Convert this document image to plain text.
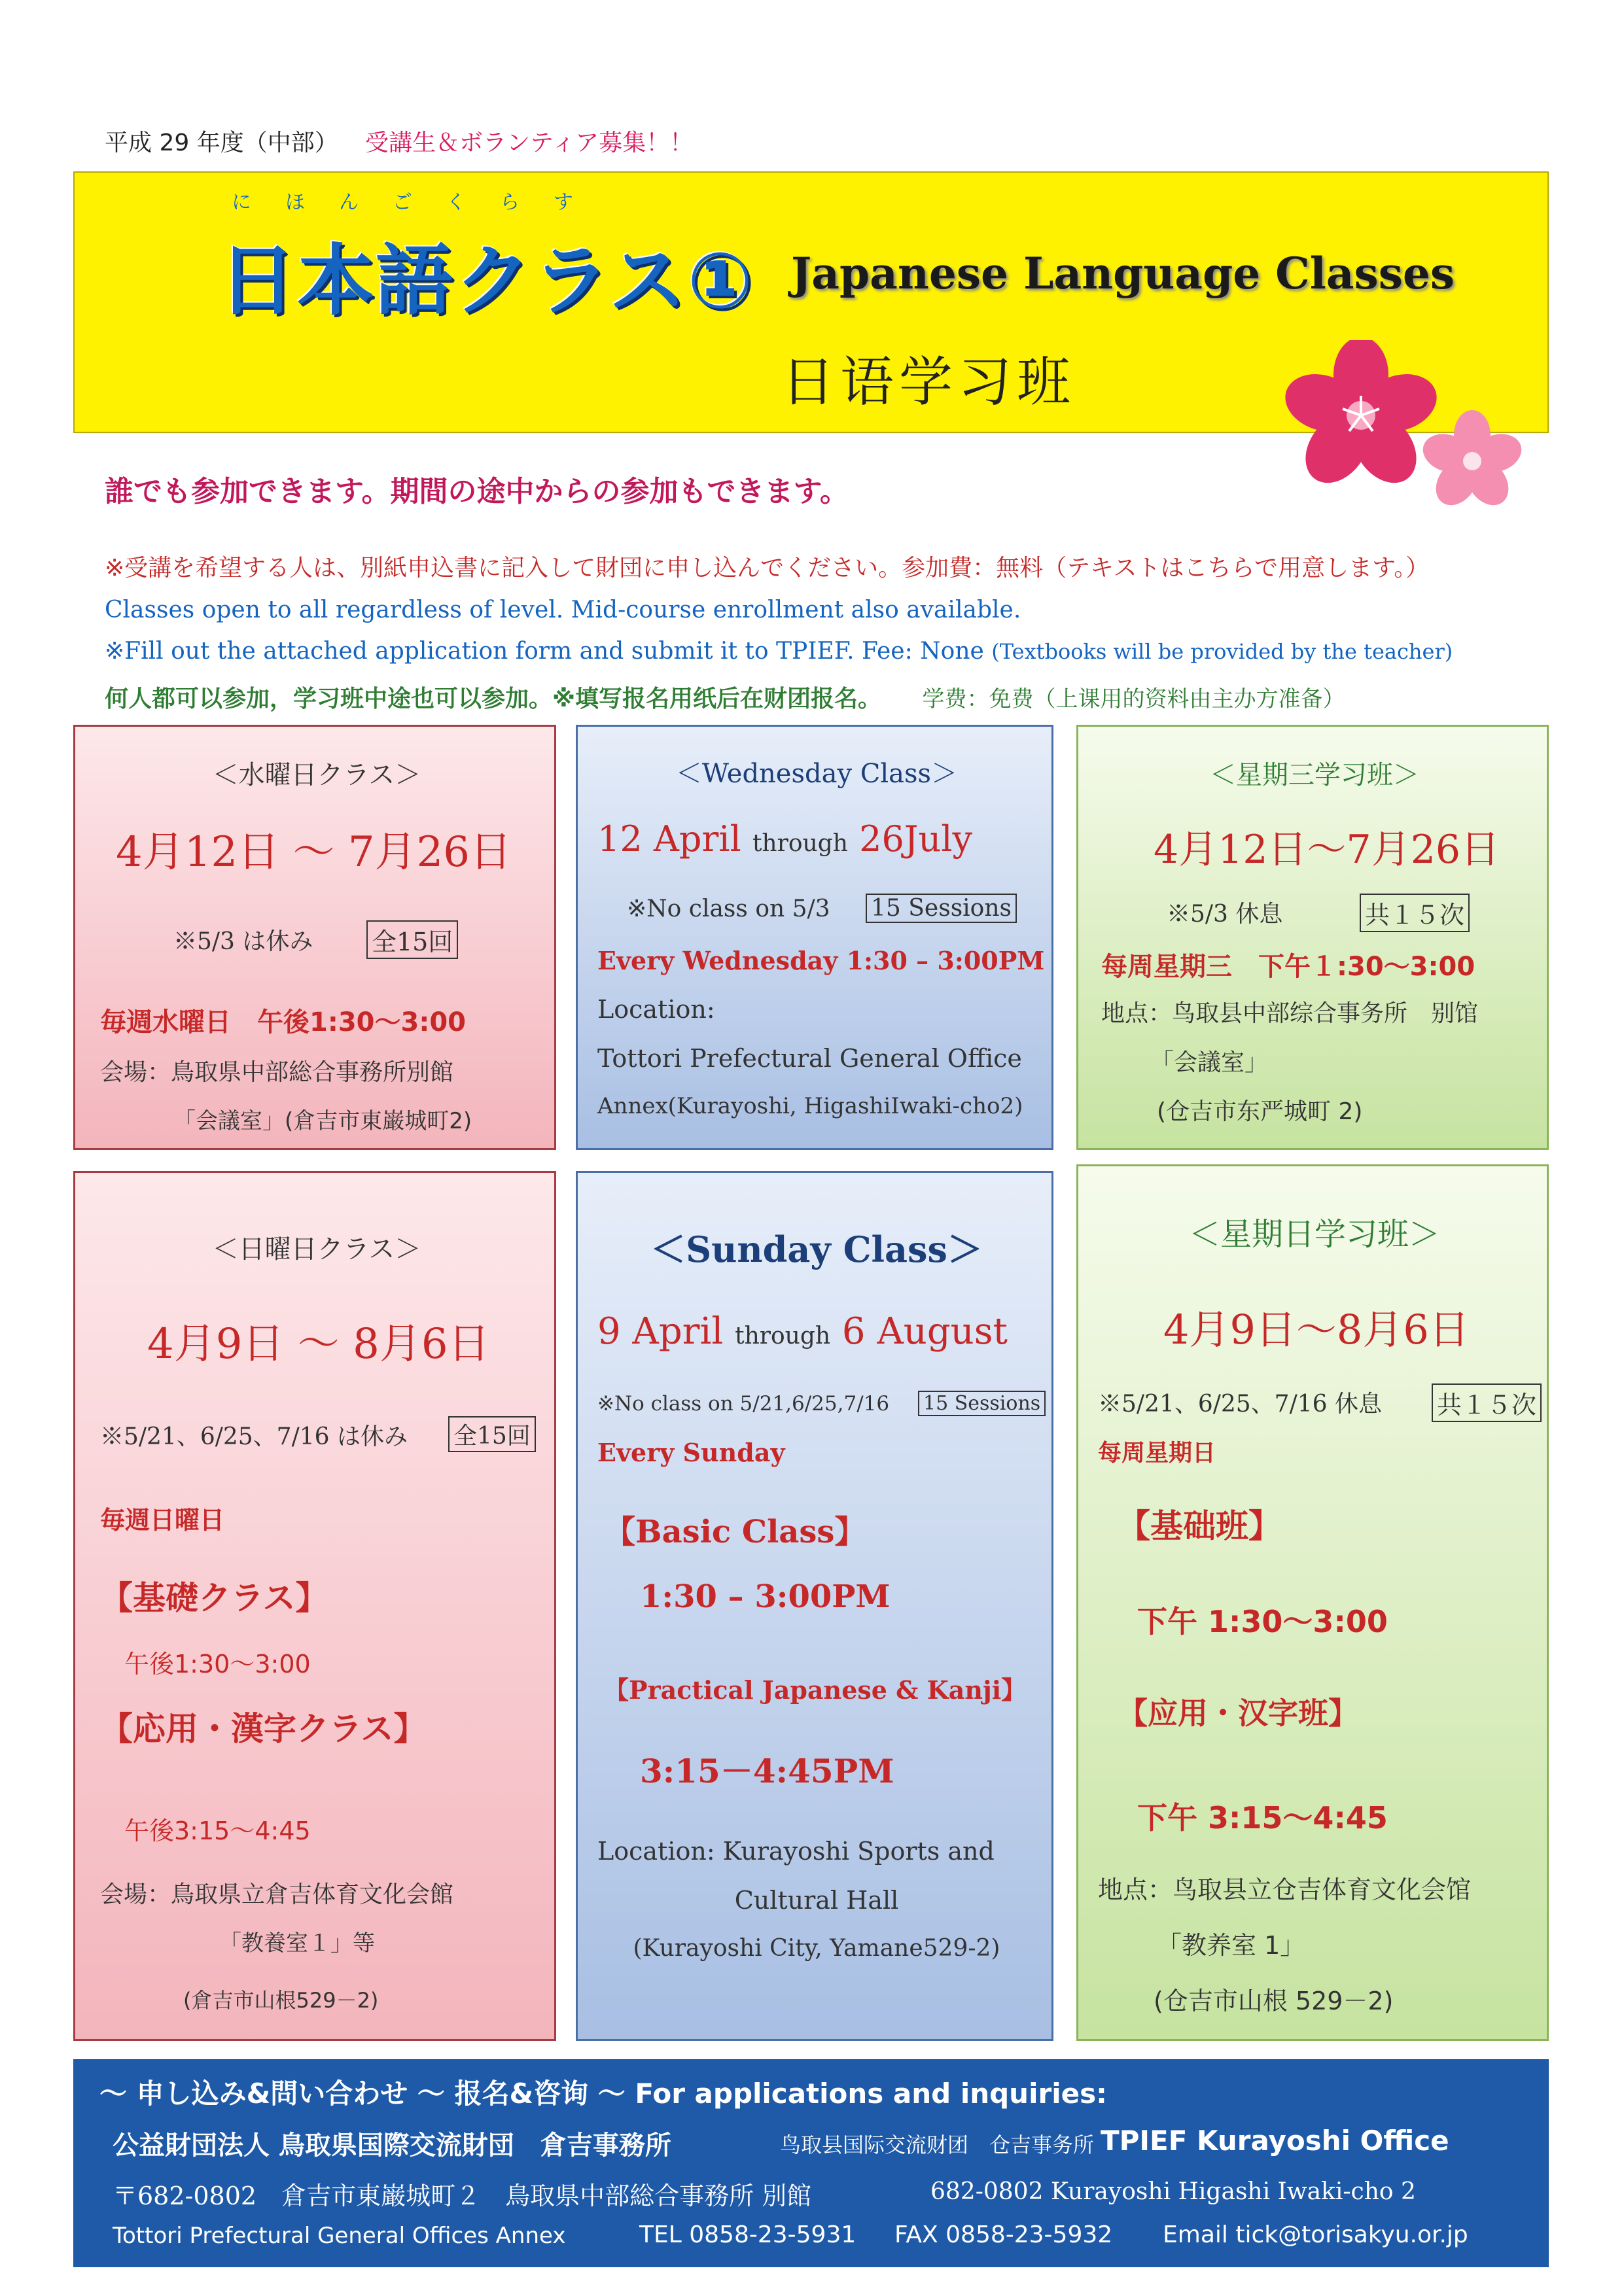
平成 29 年度（中部） 受講生＆ボランティア募集！！
にほんごくらす
日本語クラス① Japanese Language Classes
日语学习班
誰でも参加できます。期間の途中からの参加もできます。
※受講を希望する人は、別紙申込書に記入して財団に申し込んでください。参加費：無料（テキストはこちらで用意します。）
Classes open to all regardless of level. Mid-course enrollment also available.
※Fill out the attached application form and submit it to TPIEF. Fee: None (Textbooks will be provided by the teacher)
何人都可以参加，学习班中途也可以参加。※填写报名用纸后在财团报名。 学费：免费（上课用的资料由主办方准备）
＜水曜日クラス＞
4月12日 ～ 7月26日
※5/3 は休み 全15回
毎週水曜日　午後1:30～3:00
会場：鳥取県中部総合事務所別館
「会議室」(倉吉市東巌城町2)
＜Wednesday Class＞
12 April through 26July
※No class on 5/3 15 Sessions
Every Wednesday 1:30 – 3:00PM
Location:
Tottori Prefectural General Office
Annex(Kurayoshi, HigashiIwaki-cho2)
＜星期三学习班＞
4月12日～7月26日
※5/3 休息	共１５次
每周星期三　下午１:30～3:00
地点：鸟取县中部综合事务所　别馆
「会議室」
(仓吉市东严城町 2)
＜日曜日クラス＞
4月9日 ～ 8月6日
※5/21、6/25、7/16 は休み 全15回
毎週日曜日
【基礎クラス】
午後1:30～3:00
【応用・漢字クラス】
午後3:15～4:45
会場：鳥取県立倉吉体育文化会館
「教養室１」等
(倉吉市山根529－2)
＜Sunday Class＞
9 April through 6 August
※No class on 5/21,6/25,7/16 15 Sessions
Every Sunday
【Basic Class】
1:30 – 3:00PM
【Practical Japanese & Kanji】
3:15－4:45PM
Location: Kurayoshi Sports and
Cultural Hall
(Kurayoshi City, Yamane529-2)
＜星期日学习班＞
4月9日～8月6日
※5/21、6/25、7/16 休息 共１５次
每周星期日
【基础班】
下午 1:30～3:00
【应用・汉字班】
下午 3:15～4:45
地点：鸟取县立仓吉体育文化会馆
「教养室 1」
(仓吉市山根 529－2)
～ 申し込み&問い合わせ ～ 报名&咨询 ～ For applications and inquiries:
公益財団法人 鳥取県国際交流財団　倉吉事務所	鸟取县国际交流财团　仓吉事务所 TPIEF Kurayoshi Office
〒682-0802　倉吉市東巌城町２　鳥取県中部総合事務所 別館	682-0802 Kurayoshi Higashi Iwaki-cho 2
Tottori Prefectural General Offices Annex	TEL 0858-23-5931 FAX 0858-23-5932 Email tick@torisakyu.or.jp
